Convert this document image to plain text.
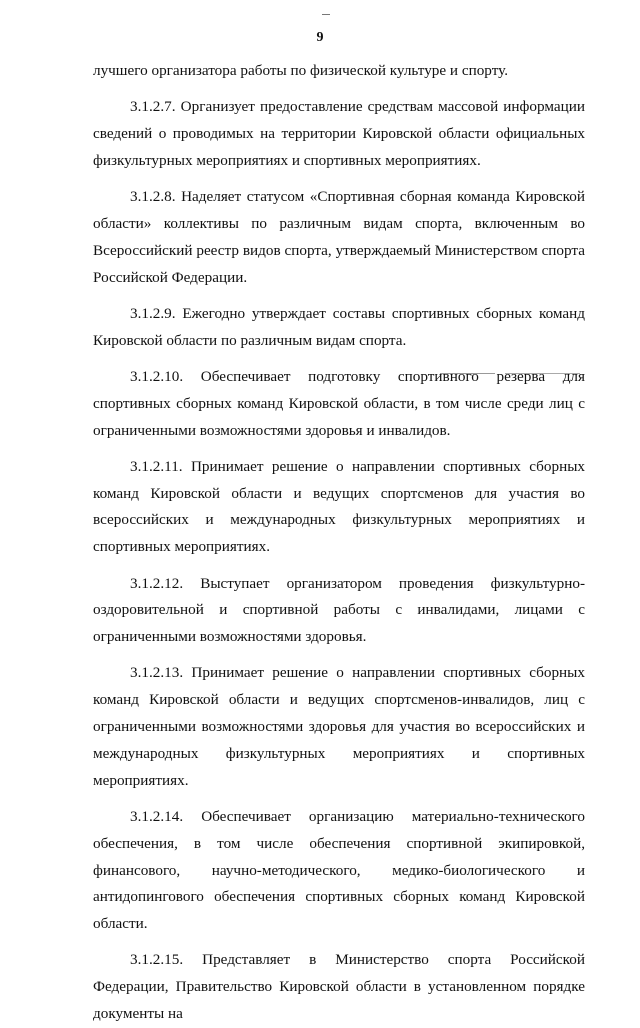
9

лучшего организатора работы по физической культуре и спорту.

3.1.2.7. Организует предоставление средствам массовой информации сведений о проводимых на территории Кировской области официальных физкультурных мероприятиях и спортивных мероприятиях.

3.1.2.8. Наделяет статусом «Спортивная сборная команда Кировской области» коллективы по различным видам спорта, включенным во Всероссийский реестр видов спорта, утверждаемый Министерством спорта Российской Федерации.

3.1.2.9. Ежегодно утверждает составы спортивных сборных команд Кировской области по различным видам спорта.

3.1.2.10. Обеспечивает подготовку спортивного резерва для спортивных сборных команд Кировской области, в том числе среди лиц с ограниченными возможностями здоровья и инвалидов.

3.1.2.11. Принимает решение о направлении спортивных сборных команд Кировской области и ведущих спортсменов для участия во всероссийских и международных физкультурных мероприятиях и спортивных мероприятиях.

3.1.2.12. Выступает организатором проведения физкультурно-оздоровительной и спортивной работы с инвалидами, лицами с ограниченными возможностями здоровья.

3.1.2.13. Принимает решение о направлении спортивных сборных команд Кировской области и ведущих спортсменов-инвалидов, лиц с ограниченными возможностями здоровья для участия во всероссийских и международных физкультурных мероприятиях и спортивных мероприятиях.

3.1.2.14. Обеспечивает организацию материально-технического обеспечения, в том числе обеспечения спортивной экипировкой, финансового, научно-методического, медико-биологического и антидопингового обеспечения спортивных сборных команд Кировской области.

3.1.2.15. Представляет в Министерство спорта Российской Федерации, Правительство Кировской области в установленном порядке документы на
